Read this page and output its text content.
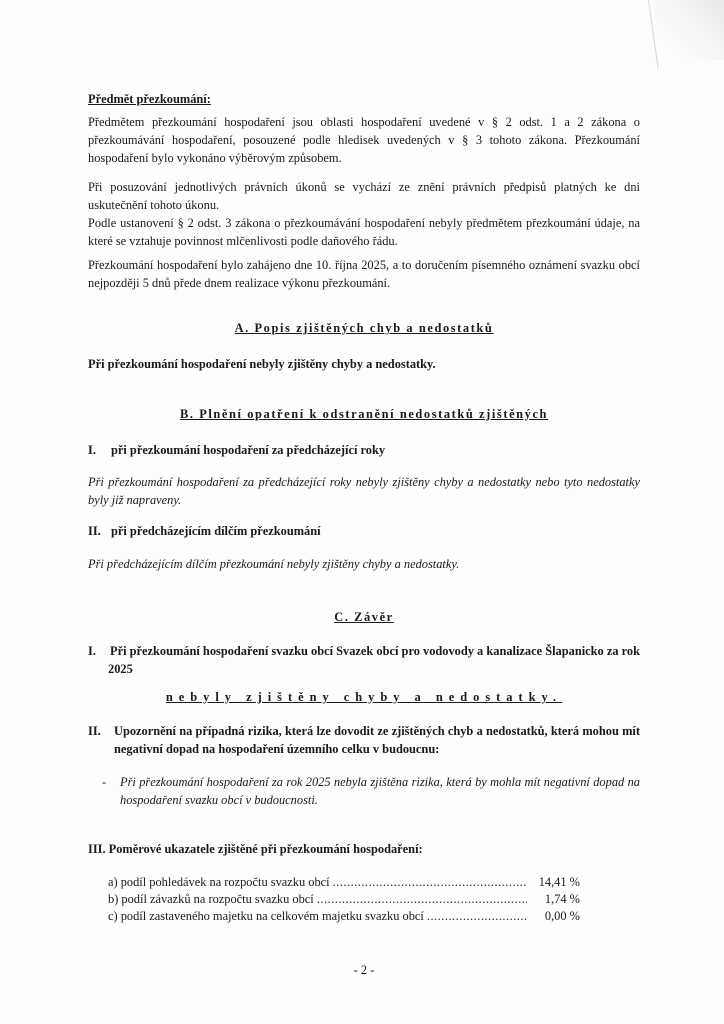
Předmět přezkoumání:
Předmětem přezkoumání hospodaření jsou oblasti hospodaření uvedené v § 2 odst. 1 a 2 zákona o přezkoumávání hospodaření, posouzené podle hledisek uvedených v § 3 tohoto zákona. Přezkoumání hospodaření bylo vykonáno výběrovým způsobem.
Při posuzování jednotlivých právních úkonů se vychází ze znění právních předpisů platných ke dni uskutečnění tohoto úkonu.
Podle ustanovení § 2 odst. 3 zákona o přezkoumávání hospodaření nebyly předmětem přezkoumání údaje, na které se vztahuje povinnost mlčenlivosti podle daňového řádu.
Přezkoumání hospodaření bylo zahájeno dne 10. října 2025, a to doručením písemného oznámení svazku obcí nejpozději 5 dnů přede dnem realizace výkonu přezkoumání.
A. Popis zjištěných chyb a nedostatků
Při přezkoumání hospodaření nebyly zjištěny chyby a nedostatky.
B. Plnění opatření k odstranění nedostatků zjištěných
I. při přezkoumání hospodaření za předcházející roky
Při přezkoumání hospodaření za předcházející roky nebyly zjištěny chyby a nedostatky nebo tyto nedostatky byly již napraveny.
II. při předcházejícím dílčím přezkoumání
Při předcházejícím dílčím přezkoumání nebyly zjištěny chyby a nedostatky.
C. Závěr
I. Při přezkoumání hospodaření svazku obcí Svazek obcí pro vodovody a kanalizace Šlapanicko za rok 2025
nebyly zjištěny chyby a nedostatky.
II. Upozornění na případná rizika, která lze dovodit ze zjištěných chyb a nedostatků, která mohou mít negativní dopad na hospodaření územního celku v budoucnu:
- Při přezkoumání hospodaření za rok 2025 nebyla zjištěna rizika, která by mohla mít negativní dopad na hospodaření svazku obcí v budoucnosti.
III. Poměrové ukazatele zjištěné při přezkoumání hospodaření:
a) podíl pohledávek na rozpočtu svazku obcí .....	14,41 %
b) podíl závazků na rozpočtu svazku obcí .....	1,74 %
c) podíl zastaveného majetku na celkovém majetku svazku obcí .....	0,00 %
- 2 -
